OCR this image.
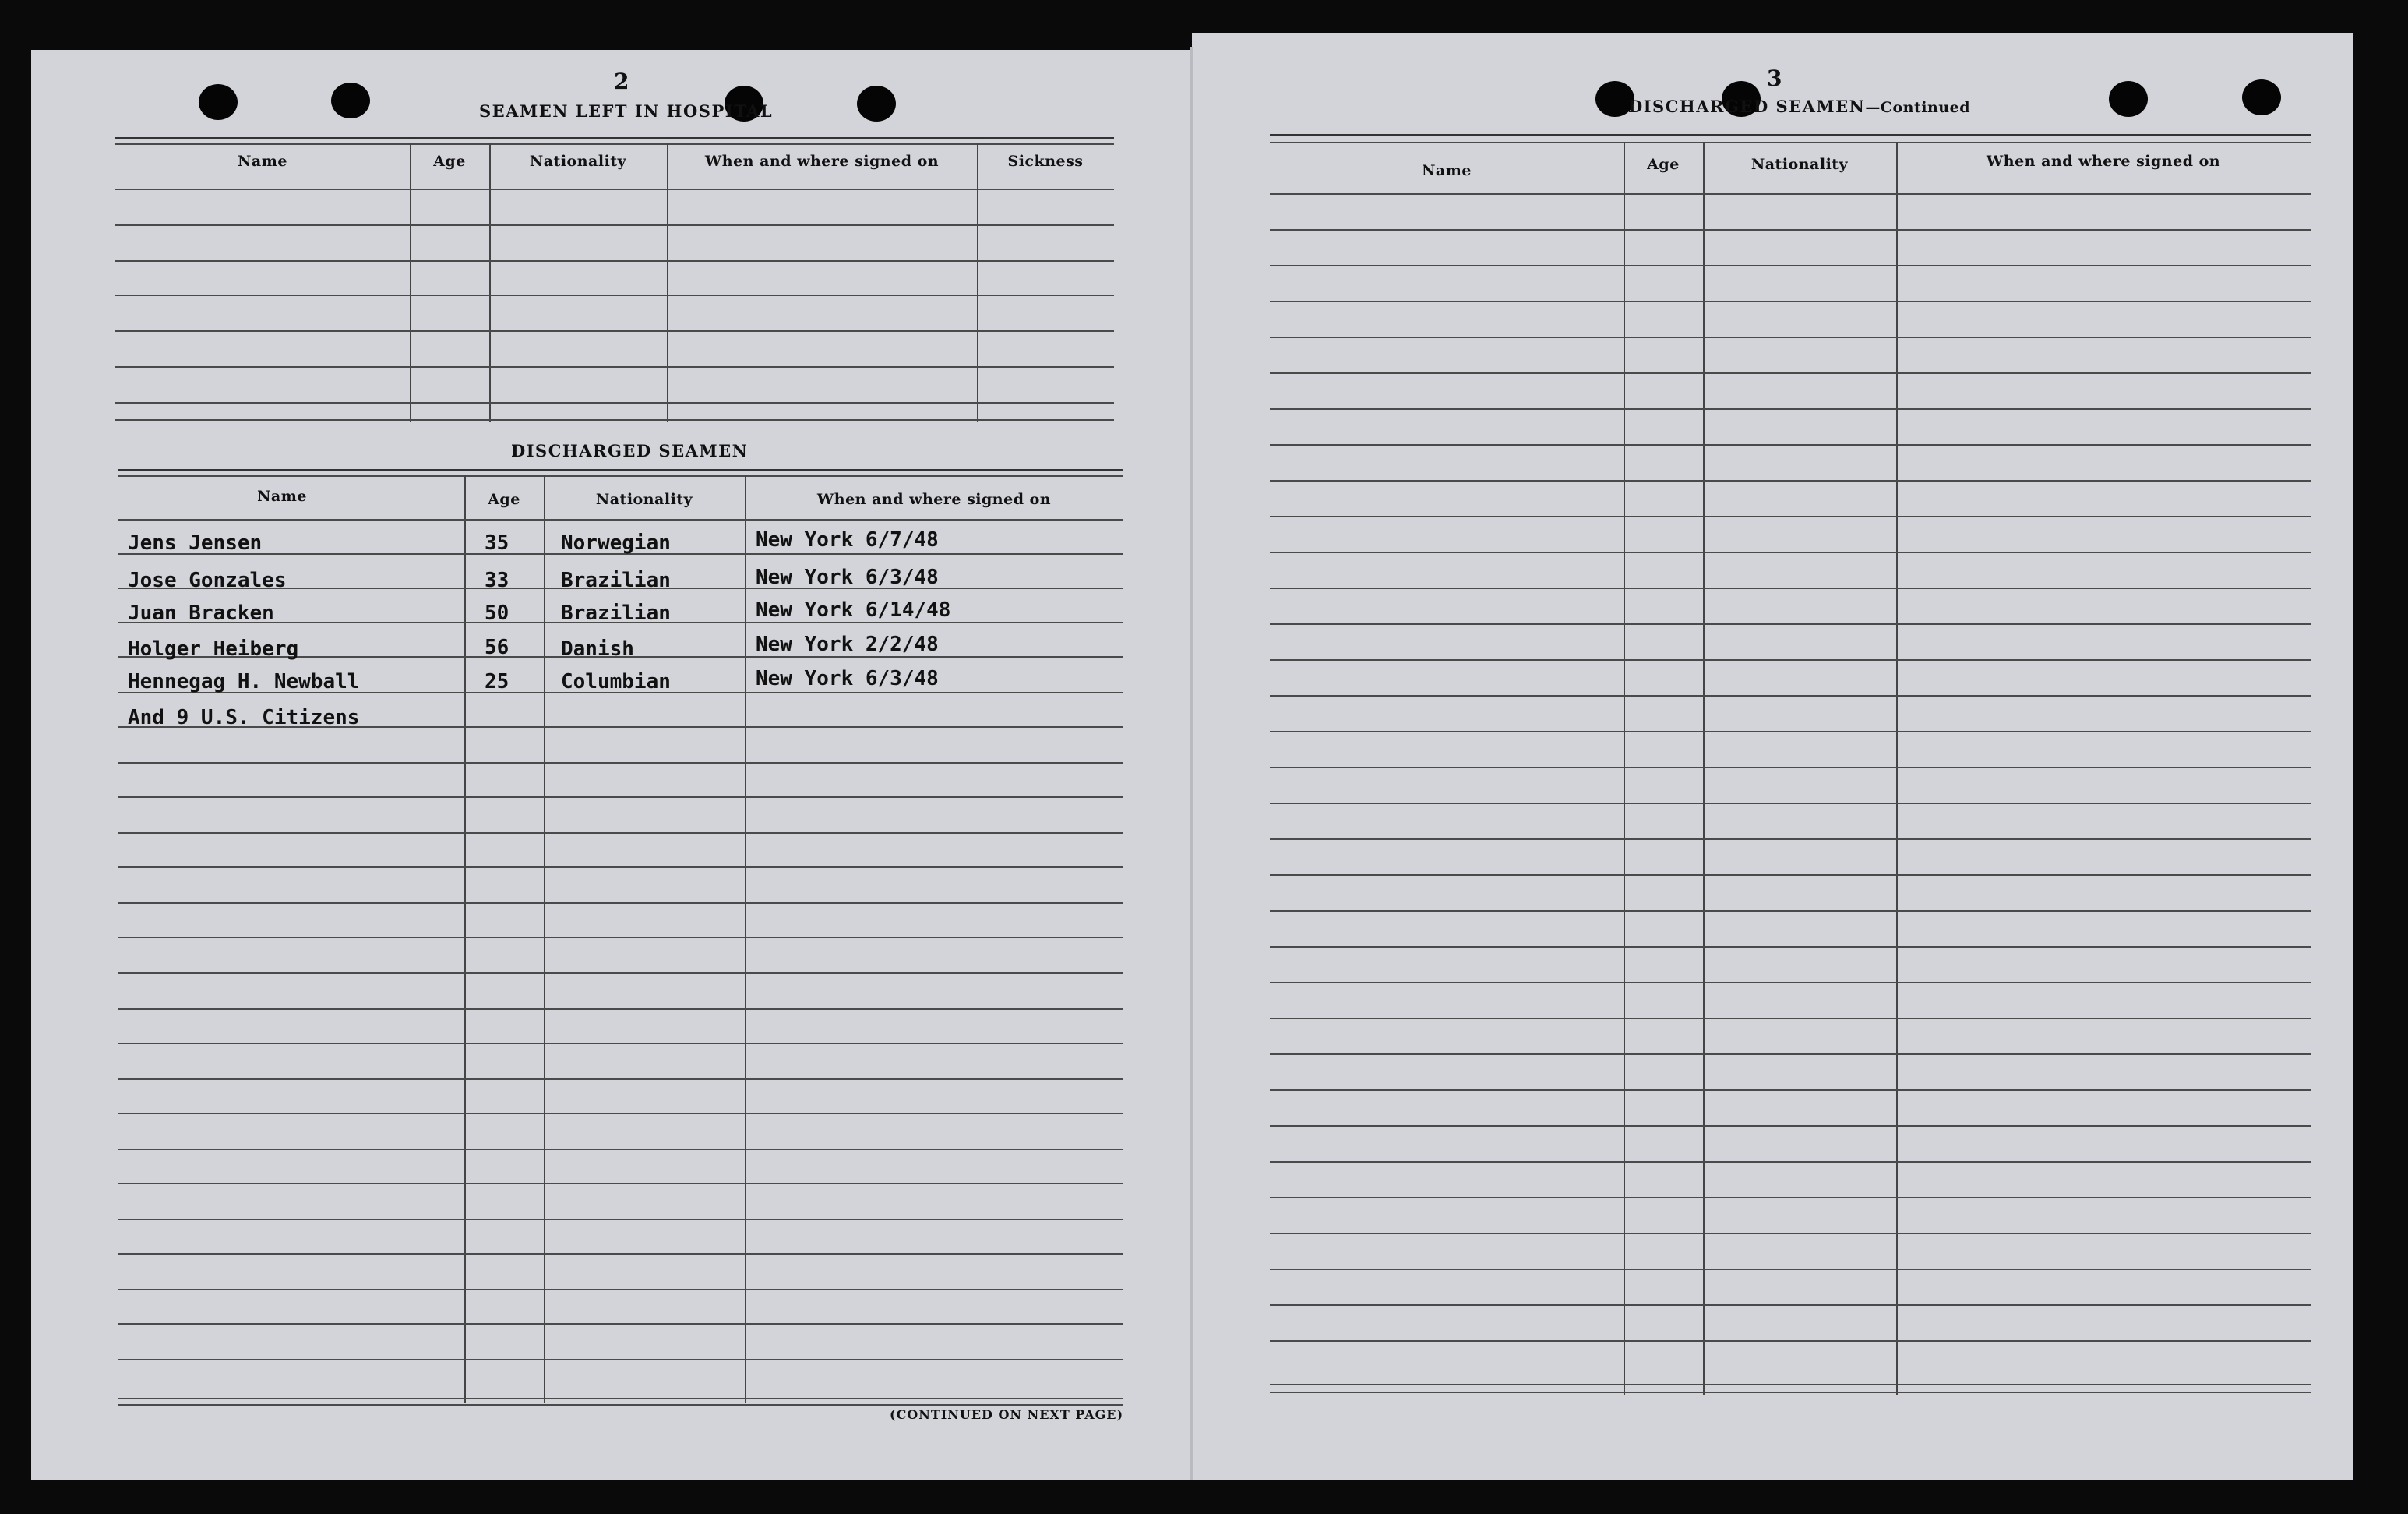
2
SEAMEN LEFT IN HOSPITAL
Name	Age	Nationality	When and where signed on	Sickness
DISCHARGED SEAMEN
Name	Age	Nationality	When and where signed on
Jens Jensen	35	Norwegian	New York 6/7/48
Jose Gonzales	33	Brazilian	New York 6/3/48
Juan Bracken	50	Brazilian	New York 6/14/48
Holger Heiberg	56	Danish	New York 2/2/48
Hennegag H. Newball	25	Columbian	New York 6/3/48
And 9 U.S. Citizens
(CONTINUED ON NEXT PAGE)
3
DISCHARGED SEAMEN—Continued
Name	Age	Nationality	When and where signed on
